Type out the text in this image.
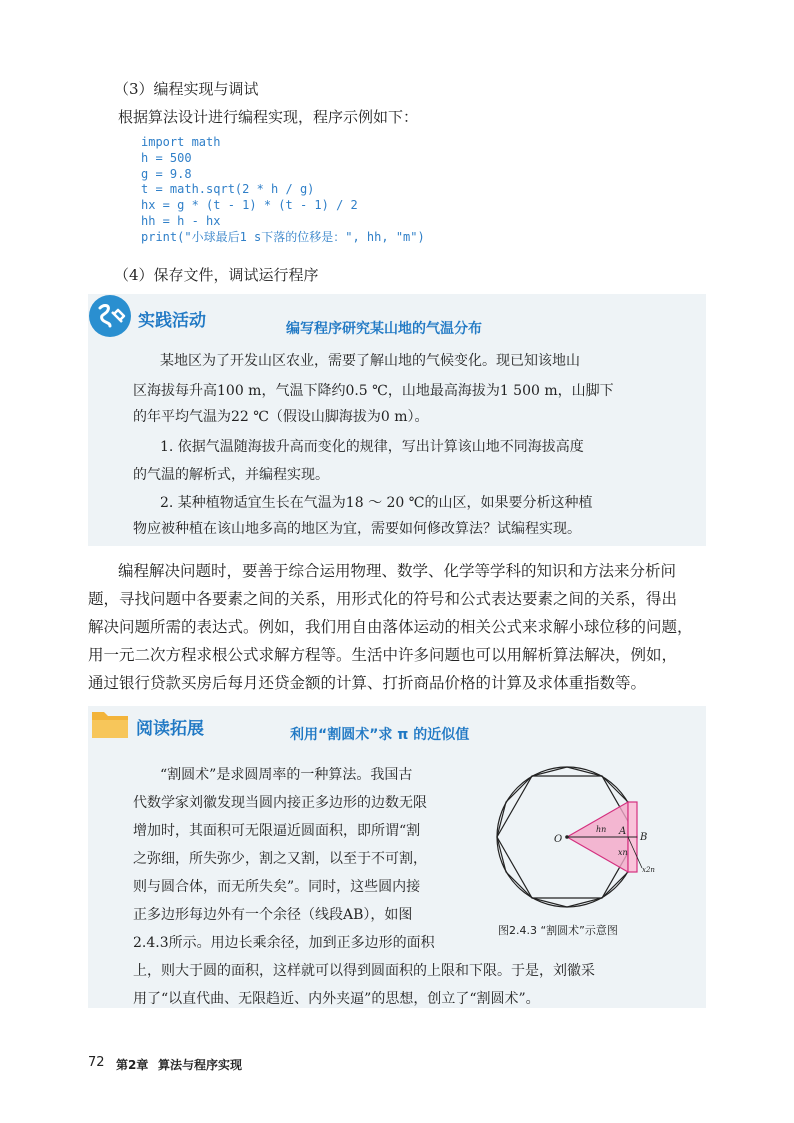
（3）编程实现与调试
根据算法设计进行编程实现，程序示例如下：
import math
h = 500
g = 9.8
t = math.sqrt(2 * h / g)
hx = g * (t - 1) * (t - 1) / 2
hh = h - hx
print("小球最后1 s下落的位移是：", hh, "m")
（4）保存文件，调试运行程序
实践活动	编写程序研究某山地的气温分布
某地区为了开发山区农业，需要了解山地的气候变化。现已知该地山
区海拔每升高100 m，气温下降约0.5 ℃，山地最高海拔为1 500 m，山脚下
的年平均气温为22 ℃（假设山脚海拔为0 m）。
1. 依据气温随海拔升高而变化的规律，写出计算该山地不同海拔高度
的气温的解析式，并编程实现。
2. 某种植物适宜生长在气温为18 ～ 20 ℃的山区，如果要分析这种植
物应被种植在该山地多高的地区为宜，需要如何修改算法？试编程实现。
编程解决问题时，要善于综合运用物理、数学、化学等学科的知识和方法来分析问
题，寻找问题中各要素之间的关系，用形式化的符号和公式表达要素之间的关系，得出
解决问题所需的表达式。例如，我们用自由落体运动的相关公式来求解小球位移的问题，
用一元二次方程求根公式求解方程等。生活中许多问题也可以用解析算法解决，例如，
通过银行贷款买房后每月还贷金额的计算、打折商品价格的计算及求体重指数等。
阅读拓展	利用“割圆术”求 π 的近似值
“割圆术”是求圆周率的一种算法。我国古
代数学家刘徽发现当圆内接正多边形的边数无限
增加时，其面积可无限逼近圆面积，即所谓“割
之弥细，所失弥少，割之又割，以至于不可割，
则与圆合体，而无所失矣”。同时，这些圆内接
正多边形每边外有一个余径（线段AB），如图
2.4.3所示。用边长乘余径，加到正多边形的面积
上，则大于圆的面积，这样就可以得到圆面积的上限和下限。于是，刘徽采
用了“以直代曲、无限趋近、内外夹逼”的思想，创立了“割圆术”。
O
A
B
hn
xn
x2n
图2.4.3 “割圆术”示意图
72 第2章 算法与程序实现
